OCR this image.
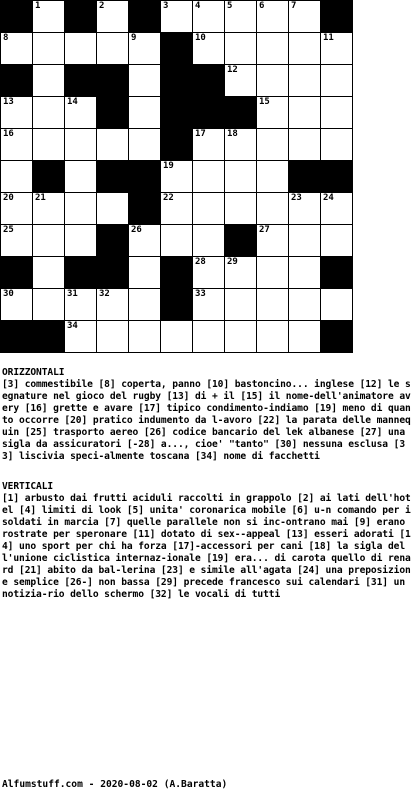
1	2	3	4	5	6	7
8	9	10	11
12
13	14	15
16	17 18
19
20 21	22	23 24
25	26	27
28 29
30	31 32	33
34

ORIZZONTALI

[3] commestibile [8] coperta, panno [10] bastoncino... inglese [12] le segnature nel gioco del rugby [13] di + il [15] il nome-dell'animatore avery [16] grette e avare [17] tipico condimento-indiamo [19] meno di quanto occorre [20] pratico indumento da l-avoro [22] la parata delle mannequin [25] trasporto aereo [26] codice bancario del lek albanese [27] una sigla da assicuratori [-28] a..., cioe' "tanto" [30] nessuna esclusa [33] liscivia speci-almente toscana [34] nome di facchetti

VERTICALI

[1] arbusto dai frutti aciduli raccolti in grappolo [2] ai lati dell'hotel [4] limiti di look [5] unita' coronarica mobile [6] u-n comando per i soldati in marcia [7] quelle parallele non si inc-ontrano mai [9] erano rostrate per speronare [11] dotato di sex--appeal [13] esseri adorati [14] uno sport per chi ha forza [17]-accessori per cani [18] la sigla dell'unione ciclistica internaz-ionale [19] era... di carota quello di renard [21] abito da bal-lerina [23] e simile all'agata [24] una preposizione semplice [26-] non bassa [29] precede francesco sui calendari [31] un notizia-rio dello schermo [32] le vocali di tutti

Alfumstuff.com - 2020-08-02 (A.Baratta)
